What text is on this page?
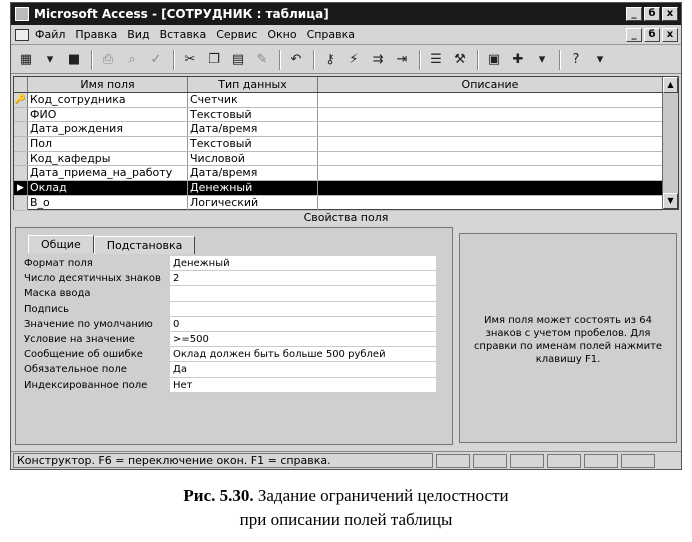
Microsoft Access - [СОТРУДНИК : таблица]	_	б	x
Файл Правка Вид Вставка Сервис Окно Справка	_	б	x
▦	▾	■	⎙	⌕	✓	✂ ❐ ▤ ✎	↶	⚷	⚡	⇉	⇥	☰ ⚒	▣ ✚	▾	?	▾
Имя поля	Тип данных	Описание
🔑 Код_сотрудника	Счетчик
ФИО	Текстовый
Дата_рождения	Дата/время
Пол	Текстовый
Код_кафедры	Числовой
Дата_приема_на_работу	Дата/время
▶ Оклад	Денежный
В_о	Логический
▲
▼
Свойства поля
Общие	Подстановка
Формат поля	Денежный
Число десятичных знаков	2
Маска ввода
Подпись
Значение по умолчанию	0
Условие на значение	>=500
Сообщение об ошибке	Оклад должен быть больше 500 рублей
Обязательное поле	Да
Индексированное поле	Нет
Имя поля может состоять из 64 знаков с учетом пробелов. Для справки по именам полей нажмите клавишу F1.
Конструктор. F6 = переключение окон. F1 = справка.
Рис. 5.30. Задание ограничений целостности
при описании полей таблицы
